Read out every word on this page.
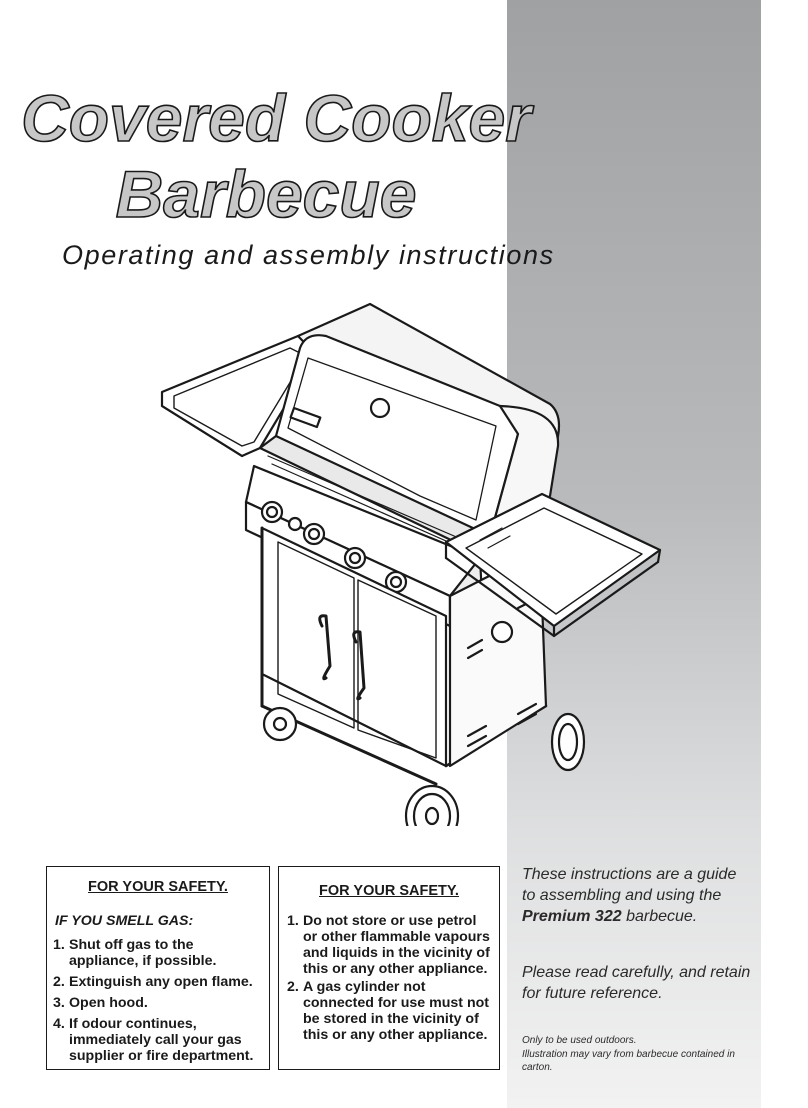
Covered Cooker
Barbecue

Operating and assembly instructions

FOR YOUR SAFETY.

IF YOU SMELL GAS:

1. Shut off gas to the appliance, if possible.
2. Extinguish any open flame.
3. Open hood.
4. If odour continues, immediately call your gas supplier or fire department.

FOR YOUR SAFETY.

1. Do not store or use petrol or other flammable vapours and liquids in the vicinity of this or any other appliance.
2. A gas cylinder not connected for use must not be stored in the vicinity of this or any other appliance.

These instructions are a guide to assembling and using the Premium 322 barbecue.

Please read carefully, and retain for future reference.

Only to be used outdoors.
Illustration may vary from barbecue contained in carton.
